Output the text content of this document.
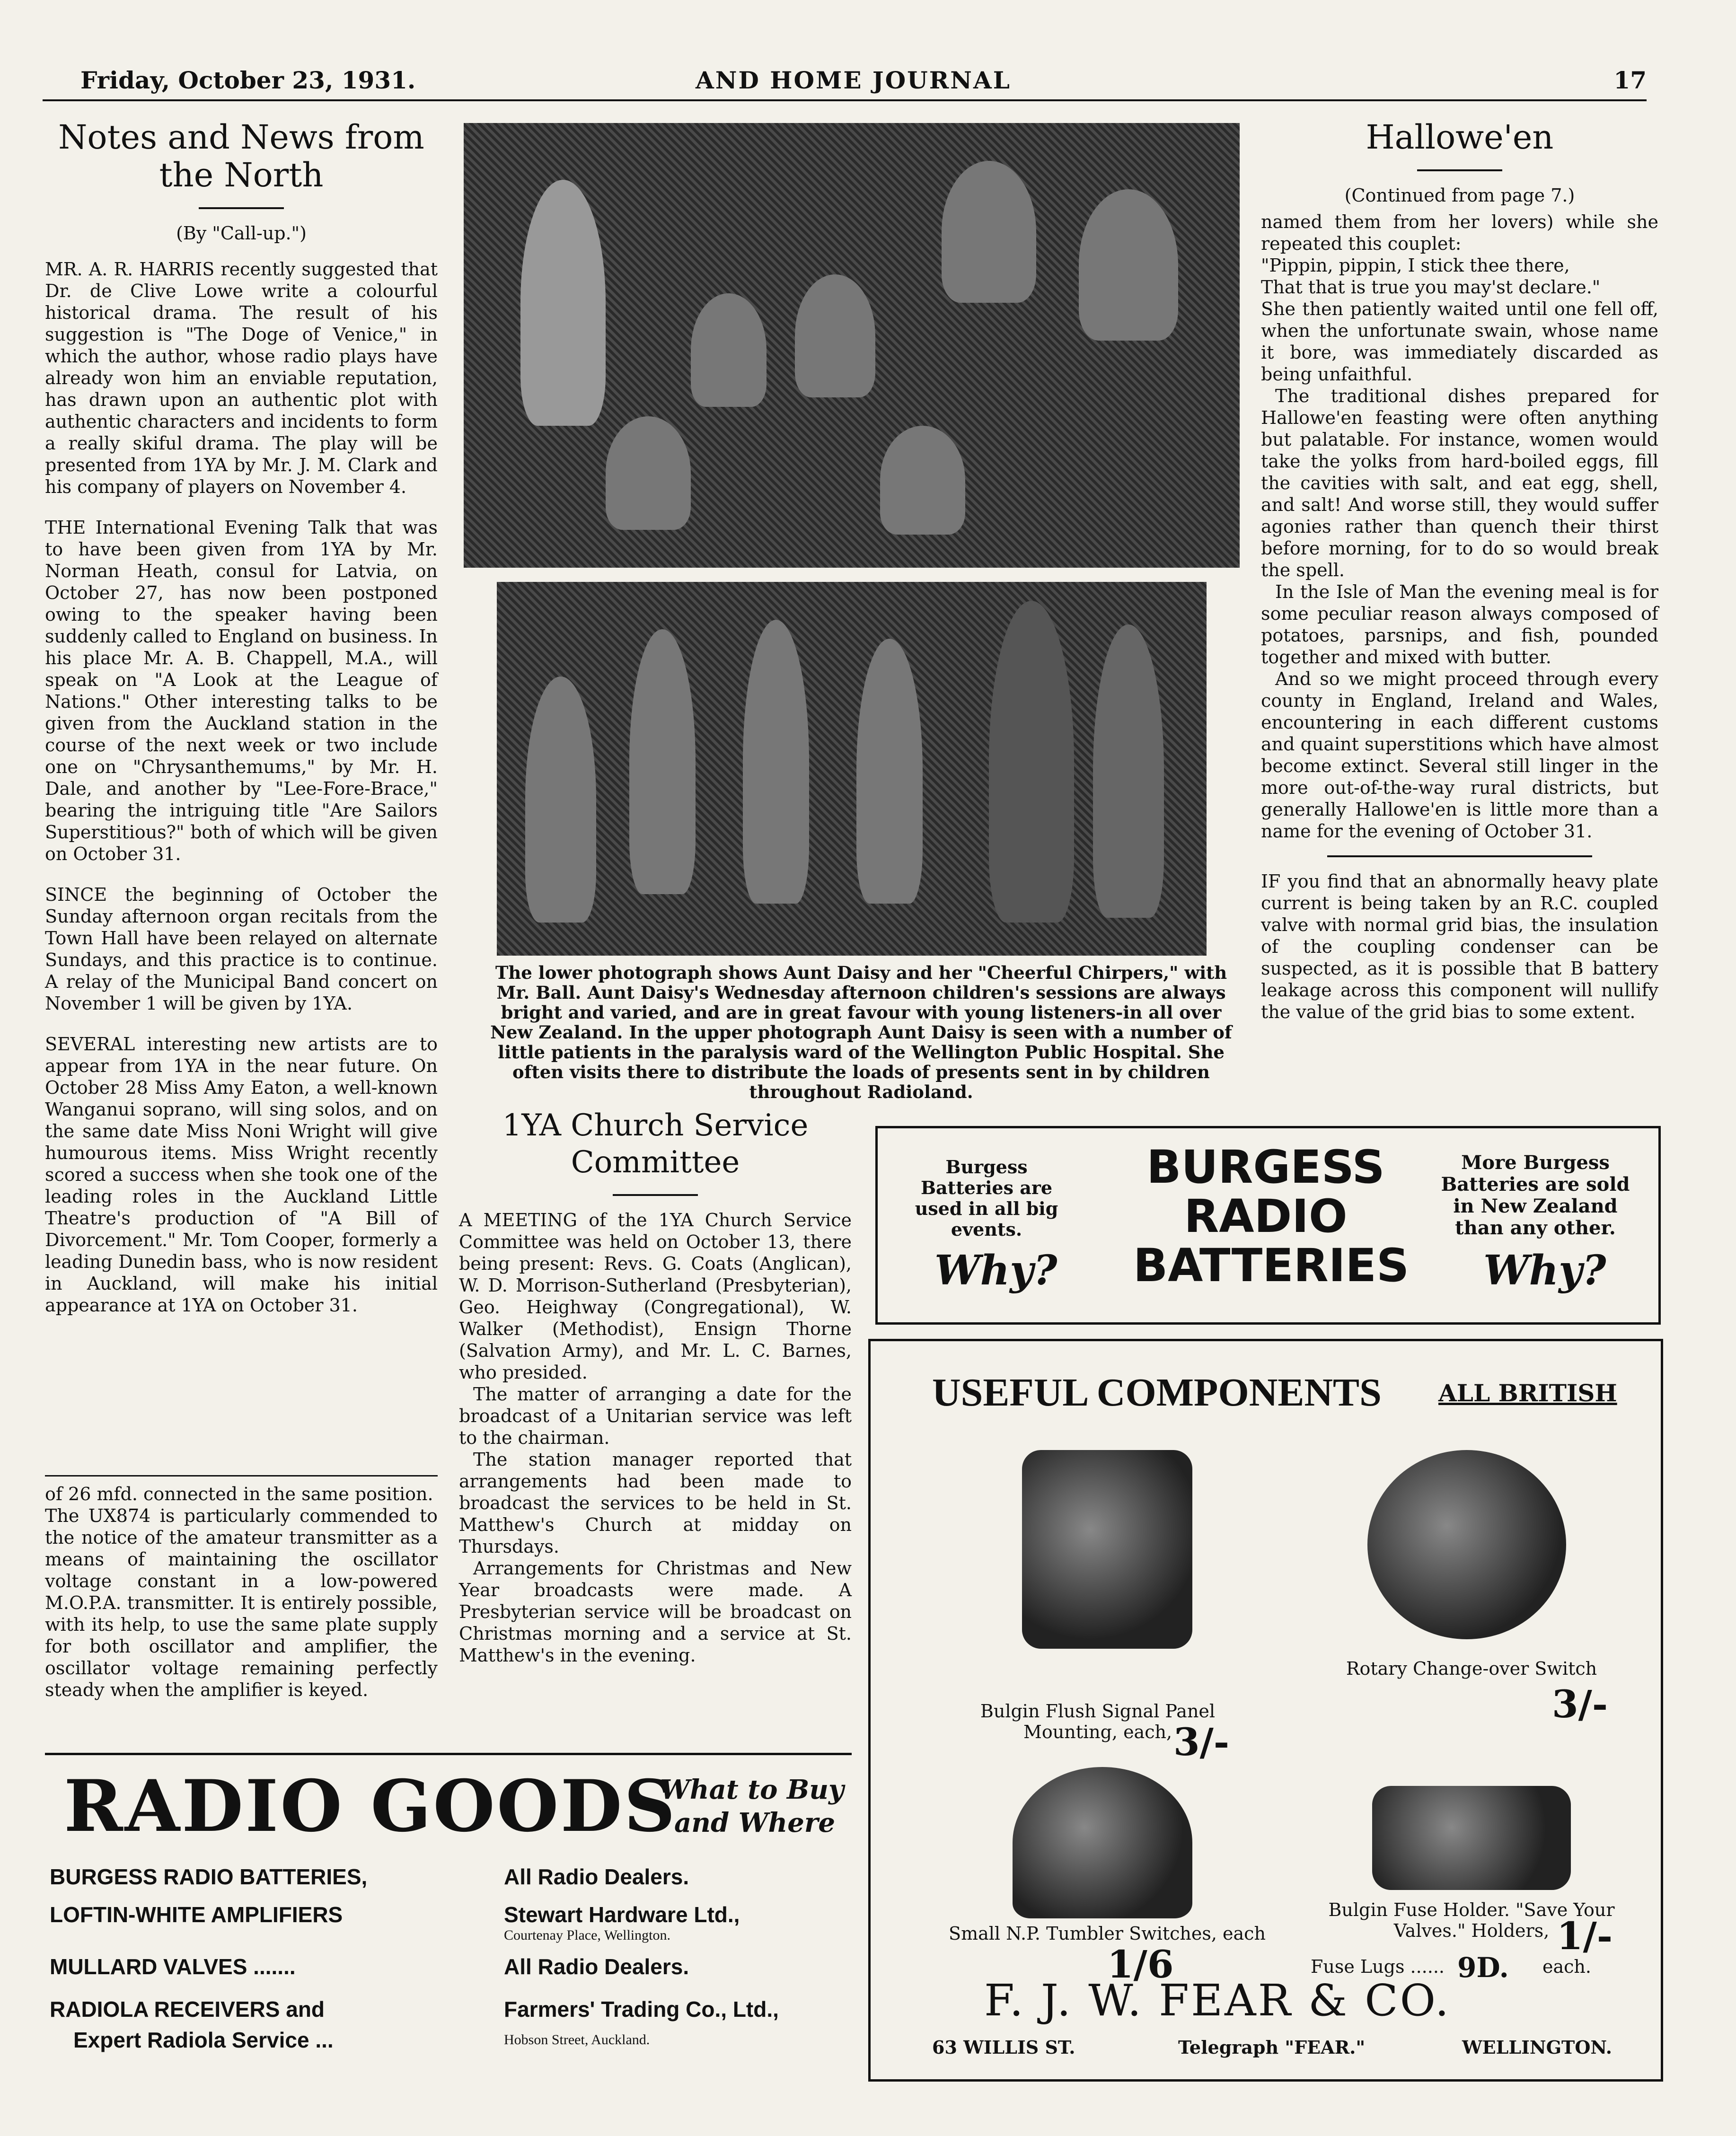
Friday, October 23, 1931.	AND HOME JOURNAL	17
Notes and News from the North
(By "Call-up.")

MR. A. R. HARRIS recently suggested that Dr. de Clive Lowe write a colourful historical drama. The result of his suggestion is "The Doge of Venice," in which the author, whose radio plays have already won him an enviable reputation, has drawn upon an authentic plot with authentic characters and incidents to form a really skiful drama. The play will be presented from 1YA by Mr. J. M. Clark and his company of players on November 4.

THE International Evening Talk that was to have been given from 1YA by Mr. Norman Heath, consul for Latvia, on October 27, has now been postponed owing to the speaker having been suddenly called to England on business. In his place Mr. A. B. Chappell, M.A., will speak on "A Look at the League of Nations." Other interesting talks to be given from the Auckland station in the course of the next week or two include one on "Chrysanthemums," by Mr. H. Dale, and another by "Lee-Fore-Brace," bearing the intriguing title "Are Sailors Superstitious?" both of which will be given on October 31.

SINCE the beginning of October the Sunday afternoon organ recitals from the Town Hall have been relayed on alternate Sundays, and this practice is to continue. A relay of the Municipal Band concert on November 1 will be given by 1YA.

SEVERAL interesting new artists are to appear from 1YA in the near future. On October 28 Miss Amy Eaton, a well-known Wanganui soprano, will sing solos, and on the same date Miss Noni Wright will give humourous items. Miss Wright recently scored a success when she took one of the leading roles in the Auckland Little Theatre's production of "A Bill of Divorcement." Mr. Tom Cooper, formerly a leading Dunedin bass, who is now resident in Auckland, will make his initial appearance at 1YA on October 31.

of 26 mfd. connected in the same position.

The UX874 is particularly commended to the notice of the amateur transmitter as a means of maintaining the oscillator voltage constant in a low-powered M.O.P.A. transmitter. It is entirely possible, with its help, to use the same plate supply for both oscillator and amplifier, the oscillator voltage remaining perfectly steady when the amplifier is keyed.

The lower photograph shows Aunt Daisy and her "Cheerful Chirpers," with Mr. Ball. Aunt Daisy's Wednesday afternoon children's sessions are always bright and varied, and are in great favour with young listeners-in all over New Zealand. In the upper photograph Aunt Daisy is seen with a number of little patients in the paralysis ward of the Wellington Public Hospital. She often visits there to distribute the loads of presents sent in by children throughout Radioland.
1YA Church Service Committee

A MEETING of the 1YA Church Service Committee was held on October 13, there being present: Revs. G. Coats (Anglican), W. D. Morrison-Sutherland (Presbyterian), Geo. Heighway (Congregational), W. Walker (Methodist), Ensign Thorne (Salvation Army), and Mr. L. C. Barnes, who presided.

The matter of arranging a date for the broadcast of a Unitarian service was left to the chairman.

The station manager reported that arrangements had been made to broadcast the services to be held in St. Matthew's Church at midday on Thursdays.

Arrangements for Christmas and New Year broadcasts were made. A Presbyterian service will be broadcast on Christmas morning and a service at St. Matthew's in the evening.

Hallowe'en
(Continued from page 7.)

named them from her lovers) while she repeated this couplet:

"Pippin, pippin, I stick thee there,
That that is true you may'st declare."

She then patiently waited until one fell off, when the unfortunate swain, whose name it bore, was immediately discarded as being unfaithful.

The traditional dishes prepared for Hallowe'en feasting were often anything but palatable. For instance, women would take the yolks from hard-boiled eggs, fill the cavities with salt, and eat egg, shell, and salt! And worse still, they would suffer agonies rather than quench their thirst before morning, for to do so would break the spell.

In the Isle of Man the evening meal is for some peculiar reason always composed of potatoes, parsnips, and fish, pounded together and mixed with butter.

And so we might proceed through every county in England, Ireland and Wales, encountering in each different customs and quaint superstitions which have almost become extinct. Several still linger in the more out-of-the-way rural districts, but generally Hallowe'en is little more than a name for the evening of October 31.

IF you find that an abnormally heavy plate current is being taken by an R.C. coupled valve with normal grid bias, the insulation of the coupling condenser can be suspected, as it is possible that B battery leakage across this component will nullify the value of the grid bias to some extent.

Burgess Batteries are used in all big events.
Why?
BURGESS
RADIO
BATTERIES
More Burgess Batteries are sold in New Zealand than any other.
Why?
USEFUL COMPONENTS ALL BRITISH
Bulgin Flush Signal Panel Mounting, each, 3/-
Rotary Change-over Switch
3/-
Small N.P. Tumbler Switches, each
1/6
Bulgin Fuse Holder. "Save Your Valves." Holders, 1/-
Fuse Lugs ...... 9D. each.
F. J. W. FEAR & CO.
63 WILLIS ST.	Telegraph "FEAR."	WELLINGTON.
RADIO GOODS
What to Buy
and Where
BURGESS RADIO BATTERIES,	All Radio Dealers.
LOFTIN-WHITE AMPLIFIERS	Stewart Hardware Ltd.,
Courtenay Place, Wellington.
MULLARD VALVES .......	All Radio Dealers.
RADIOLA RECEIVERS and	Farmers' Trading Co., Ltd.,
Expert Radiola Service ...	Hobson Street, Auckland.
